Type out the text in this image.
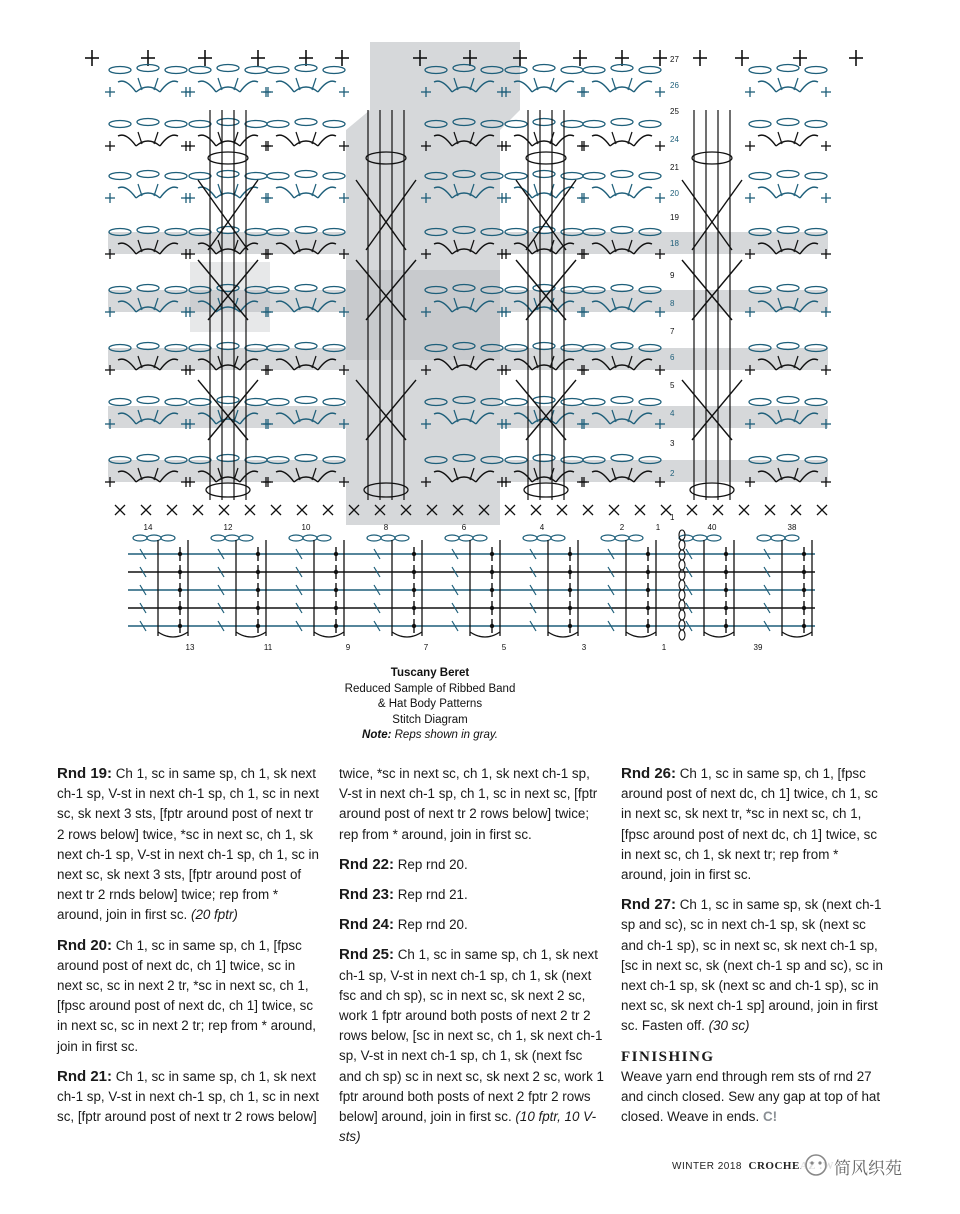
27
26
25
24
21
20
19
18
9
8
7
6
5
4
3
2
1
14	12	10	8	6	4	2	1	40	38
13	11	9	7	5	3	1	39
Tuscany Beret
Reduced Sample of Ribbed Band
& Hat Body Patterns
Stitch Diagram
Note: Reps shown in gray.

Rnd 19: Ch 1, sc in same sp, ch 1, sk next ch-1 sp, V-st in next ch-1 sp, ch 1, sc in next sc, sk next 3 sts, [fptr around post of next tr 2 rows below] twice, *sc in next sc, ch 1, sk next ch-1 sp, V-st in next ch-1 sp, ch 1, sc in next sc, sk next 3 sts, [fptr around post of next tr 2 rnds below] twice; rep from * around, join in first sc. (20 fptr)

Rnd 20: Ch 1, sc in same sp, ch 1, [fpsc around post of next dc, ch 1] twice, sc in next sc, sc in next 2 tr, *sc in next sc, ch 1, [fpsc around post of next dc, ch 1] twice, sc in next sc, sc in next 2 tr; rep from * around, join in first sc.

Rnd 21: Ch 1, sc in same sp, ch 1, sk next ch-1 sp, V-st in next ch-1 sp, ch 1, sc in next sc, [fptr around post of next tr 2 rows below]

twice, *sc in next sc, ch 1, sk next ch-1 sp, V-st in next ch-1 sp, ch 1, sc in next sc, [fptr around post of next tr 2 rows below] twice; rep from * around, join in first sc.

Rnd 22: Rep rnd 20.

Rnd 23: Rep rnd 21.

Rnd 24: Rep rnd 20.

Rnd 25: Ch 1, sc in same sp, ch 1, sk next ch-1 sp, V-st in next ch-1 sp, ch 1, sk (next fsc and ch sp), sc in next sc, sk next 2 sc, work 1 fptr around both posts of next 2 tr 2 rows below, [sc in next sc, ch 1, sk next ch-1 sp, V-st in next ch-1 sp, ch 1, sk (next fsc and ch sp) sc in next sc, sk next 2 sc, work 1 fptr around both posts of next 2 fptr 2 rows below] around, join in first sc. (10 fptr, 10 V-sts)

Rnd 26: Ch 1, sc in same sp, ch 1, [fpsc around post of next dc, ch 1] twice, ch 1, sc in next sc, sk next tr, *sc in next sc, ch 1, [fpsc around post of next dc, ch 1] twice, sc in next sc, ch 1, sk next tr; rep from * around, join in first sc.

Rnd 27: Ch 1, sc in same sp, sk (next ch-1 sp and sc), sc in next ch-1 sp, sk (next sc and ch-1 sp), sc in next sc, sk next ch-1 sp, [sc in next sc, sk (next ch-1 sp and sc), sc in next ch-1 sp, sk (next sc and ch-1 sp), sc in next sc, sk next ch-1 sp] around, join in first sc. Fasten off. (30 sc)

FINISHING
Weave yarn end through rem sts of rnd 27 and cinch closed. Sew any gap at top of hat closed. Weave in ends. C!

WINTER 2018 CROCHE	简风织苑
